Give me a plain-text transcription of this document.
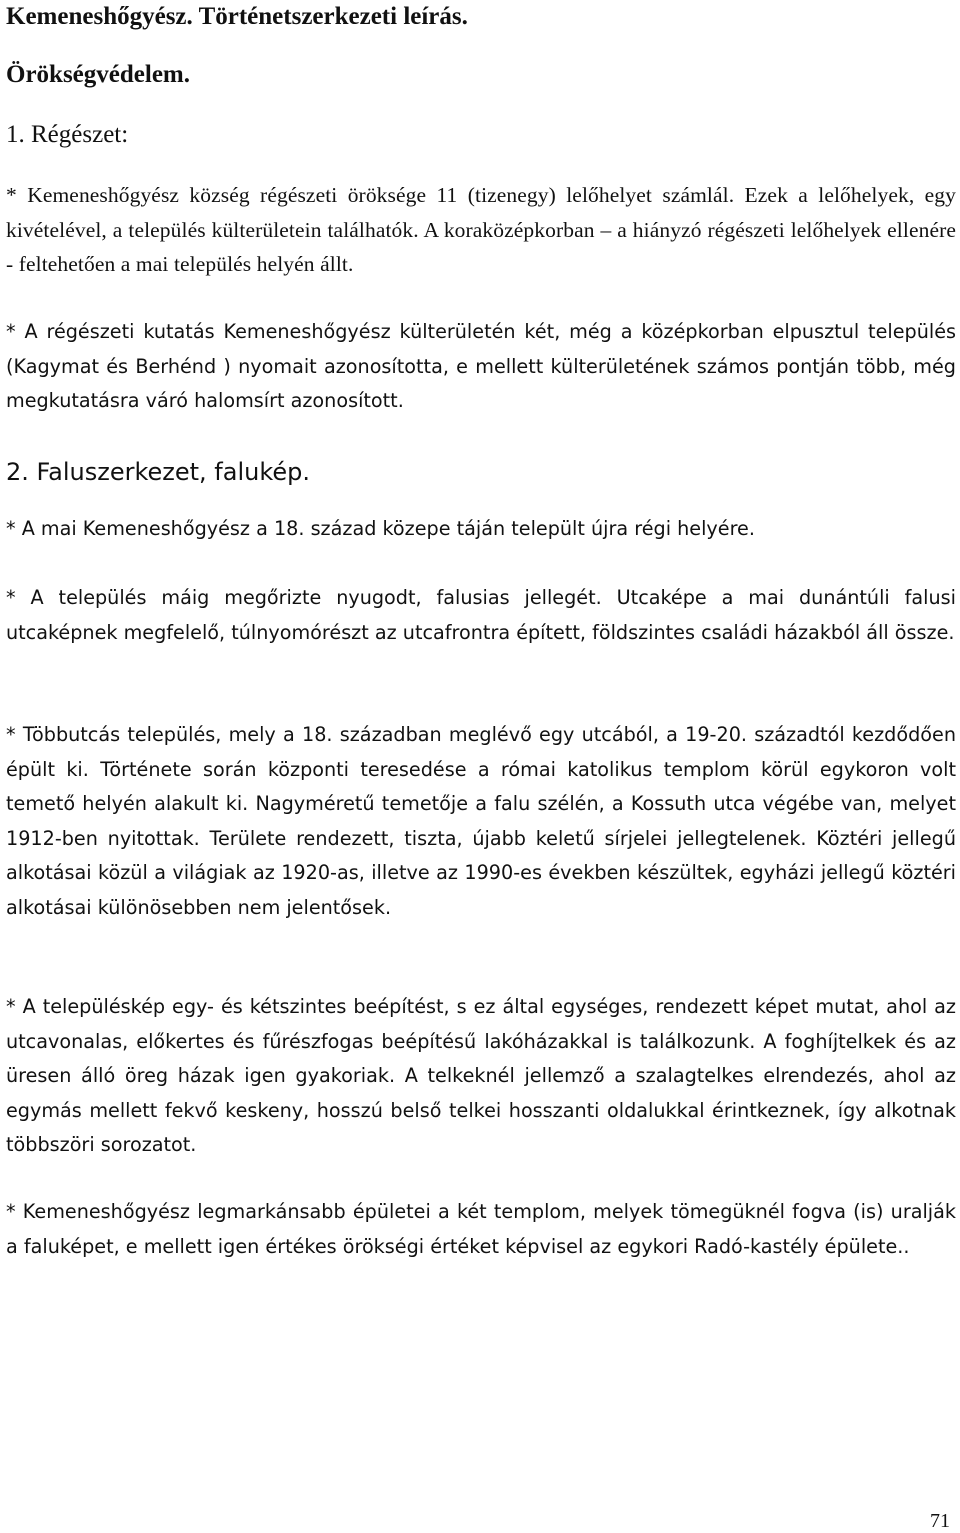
Kemeneshőgyész. Történetszerkezeti leírás.
Örökségvédelem.
1. Régészet:

* Kemeneshőgyész község régészeti öröksége 11 (tizenegy) lelőhelyet számlál. Ezek a lelőhelyek, egy kivételével, a település külterületein találhatók. A koraközépkorban – a hiányzó régészeti lelőhelyek ellenére - feltehetően a mai település helyén állt.

* A régészeti kutatás Kemeneshőgyész külterületén két, még a középkorban elpusztul település (Kagymat és Berhénd ) nyomait azonosította, e mellett külterületének számos pontján több, még megkutatásra váró halomsírt azonosított.

2. Faluszerkezet, falukép.

* A mai Kemeneshőgyész a 18. század közepe táján települt újra régi helyére.

* A település máig megőrizte nyugodt, falusias jellegét. Utcaképe a mai dunántúli falusi utcaképnek megfelelő, túlnyomórészt az utcafrontra épített, földszintes családi házakból áll össze.

* Többutcás település, mely a 18. században meglévő egy utcából, a 19-20. századtól kezdődően épült ki. Története során központi teresedése a római katolikus templom körül egykoron volt temető helyén alakult ki. Nagyméretű temetője a falu szélén, a Kossuth utca végébe van, melyet 1912-ben nyitottak. Területe rendezett, tiszta, újabb keletű sírjelei jellegtelenek. Köztéri jellegű alkotásai közül a világiak az 1920-as, illetve az 1990-es években készültek, egyházi jellegű köztéri alkotásai különösebben nem jelentősek.

* A településkép egy- és kétszintes beépítést, s ez által egységes, rendezett képet mutat, ahol az utcavonalas, előkertes és fűrészfogas beépítésű lakóházakkal is találkozunk. A foghíjtelkek és az üresen álló öreg házak igen gyakoriak. A telkeknél jellemző a szalagtelkes elrendezés, ahol az egymás mellett fekvő keskeny, hosszú belső telkei hosszanti oldalukkal érintkeznek, így alkotnak többszöri sorozatot.

* Kemeneshőgyész legmarkánsabb épületei a két templom, melyek tömegüknél fogva (is) uralják a faluképet, e mellett igen értékes örökségi értéket képvisel az egykori Radó-kastély épülete..

71
